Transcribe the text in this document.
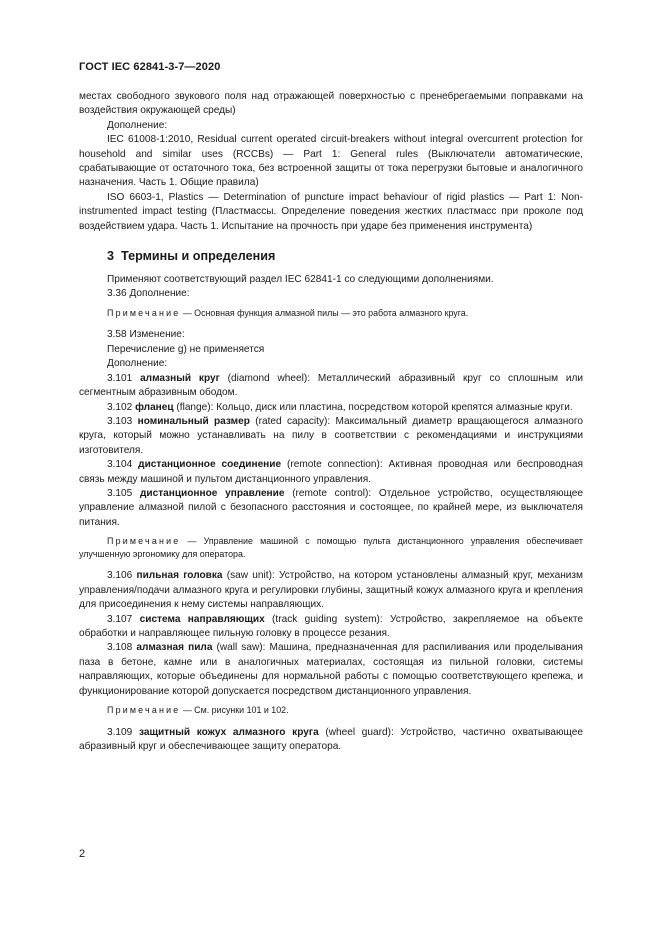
ГОСТ IEC 62841-3-7—2020

местах свободного звукового поля над отражающей поверхностью с пренебрегаемыми поправками на воздействия окружающей среды)

Дополнение:

IEC 61008-1:2010, Residual current operated circuit-breakers without integral overcurrent protection for household and similar uses (RCCBs) — Part 1: General rules (Выключатели автоматические, срабатывающие от остаточного тока, без встроенной защиты от тока перегрузки бытовые и аналогичного назначения. Часть 1. Общие правила)

ISO 6603-1, Plastics — Determination of puncture impact behaviour of rigid plastics — Part 1: Non-instrumented impact testing (Пластмассы. Определение поведения жестких пластмасс при проколе под воздействием удара. Часть 1. Испытание на прочность при ударе без применения инструмента)

3 Термины и определения

Применяют соответствующий раздел IEC 62841-1 со следующими дополнениями.

3.36 Дополнение:

Примечание — Основная функция алмазной пилы — это работа алмазного круга.

3.58 Изменение:

Перечисление g) не применяется

Дополнение:

3.101 алмазный круг (diamond wheel): Металлический абразивный круг со сплошным или сегментным абразивным ободом.

3.102 фланец (flange): Кольцо, диск или пластина, посредством которой крепятся алмазные круги.

3.103 номинальный размер (rated capacity): Максимальный диаметр вращающегося алмазного круга, который можно устанавливать на пилу в соответствии с рекомендациями и инструкциями изготовителя.

3.104 дистанционное соединение (remote connection): Активная проводная или беспроводная связь между машиной и пультом дистанционного управления.

3.105 дистанционное управление (remote control): Отдельное устройство, осуществляющее управление алмазной пилой с безопасного расстояния и состоящее, по крайней мере, из выключателя питания.

Примечание — Управление машиной с помощью пульта дистанционного управления обеспечивает улучшенную эргономику для оператора.

3.106 пильная головка (saw unit): Устройство, на котором установлены алмазный круг, механизм управления/подачи алмазного круга и регулировки глубины, защитный кожух алмазного круга и крепления для присоединения к нему системы направляющих.

3.107 система направляющих (track guiding system): Устройство, закрепляемое на объекте обработки и направляющее пильную головку в процессе резания.

3.108 алмазная пила (wall saw): Машина, предназначенная для распиливания или проделывания паза в бетоне, камне или в аналогичных материалах, состоящая из пильной головки, системы направляющих, которые объединены для нормальной работы с помощью соответствующего крепежа, и функционирование которой допускается посредством дистанционного управления.

Примечание — См. рисунки 101 и 102.

3.109 защитный кожух алмазного круга (wheel guard): Устройство, частично охватывающее абразивный круг и обеспечивающее защиту оператора.

2
